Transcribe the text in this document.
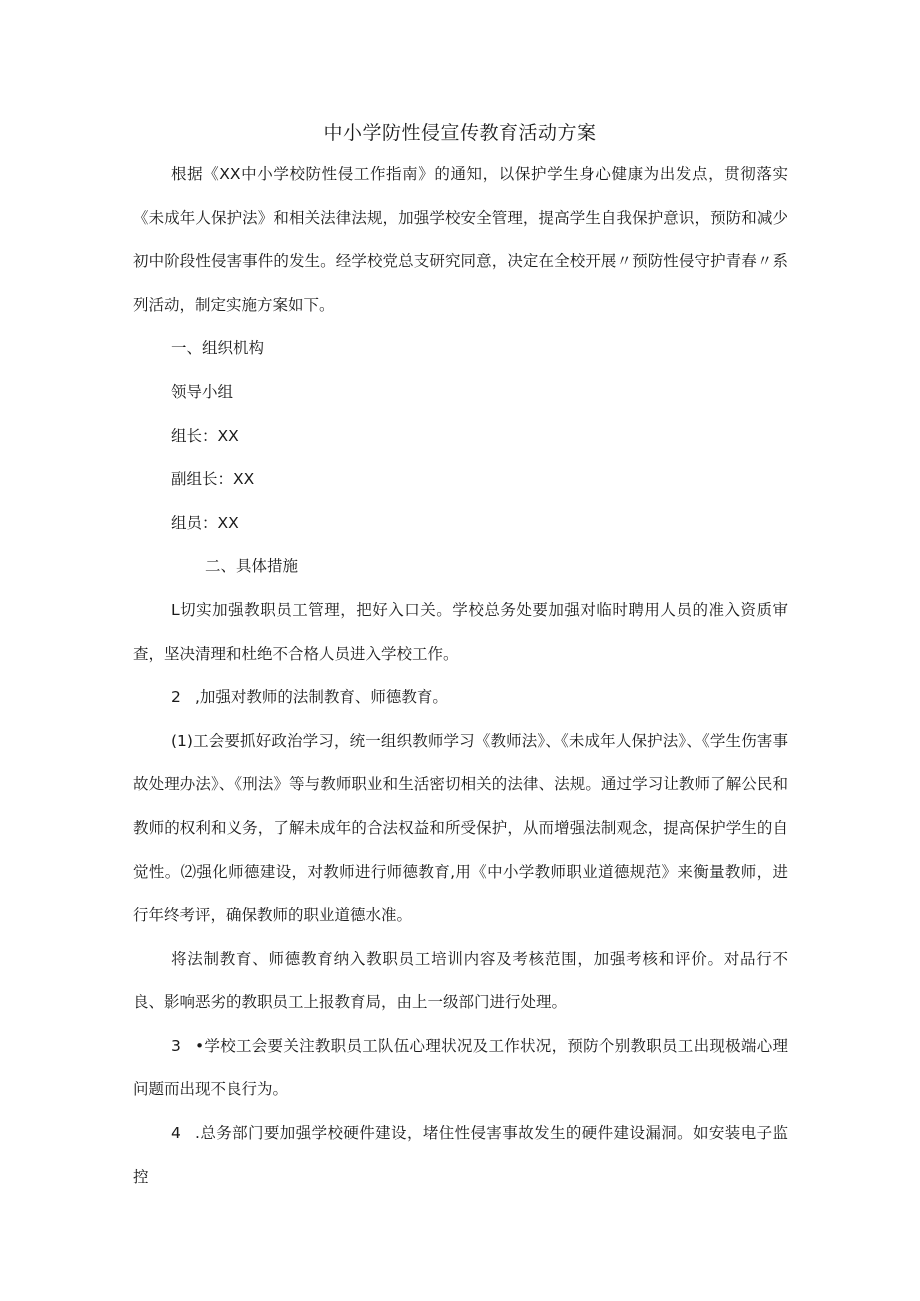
中小学防性侵宣传教育活动方案

根据《XX中小学校防性侵工作指南》的通知，以保护学生身心健康为出发点，贯彻落实《未成年人保护法》和相关法律法规，加强学校安全管理，提高学生自我保护意识，预防和减少初中阶段性侵害事件的发生。经学校党总支研究同意，决定在全校开展〃预防性侵守护青春〃系列活动，制定实施方案如下。

一、组织机构

领导小组

组长：XX

副组长：XX

组员：XX

二、具体措施

L切实加强教职员工管理，把好入口关。学校总务处要加强对临时聘用人员的准入资质审查，坚决清理和杜绝不合格人员进入学校工作。

2 ,加强对教师的法制教育、师德教育。

(1)工会要抓好政治学习，统一组织教师学习《教师法》、《未成年人保护法》、《学生伤害事故处理办法》、《刑法》等与教师职业和生活密切相关的法律、法规。通过学习让教师了解公民和教师的权利和义务，了解未成年的合法权益和所受保护，从而增强法制观念，提高保护学生的自觉性。⑵强化师德建设，对教师进行师德教育,用《中小学教师职业道德规范》来衡量教师，进行年终考评，确保教师的职业道德水准。

将法制教育、师德教育纳入教职员工培训内容及考核范围，加强考核和评价。对品行不良、影响恶劣的教职员工上报教育局，由上一级部门进行处理。

3 •学校工会要关注教职员工队伍心理状况及工作状况，预防个别教职员工出现极端心理问题而出现不良行为。

4 .总务部门要加强学校硬件建设，堵住性侵害事故发生的硬件建设漏洞。如安装电子监控
